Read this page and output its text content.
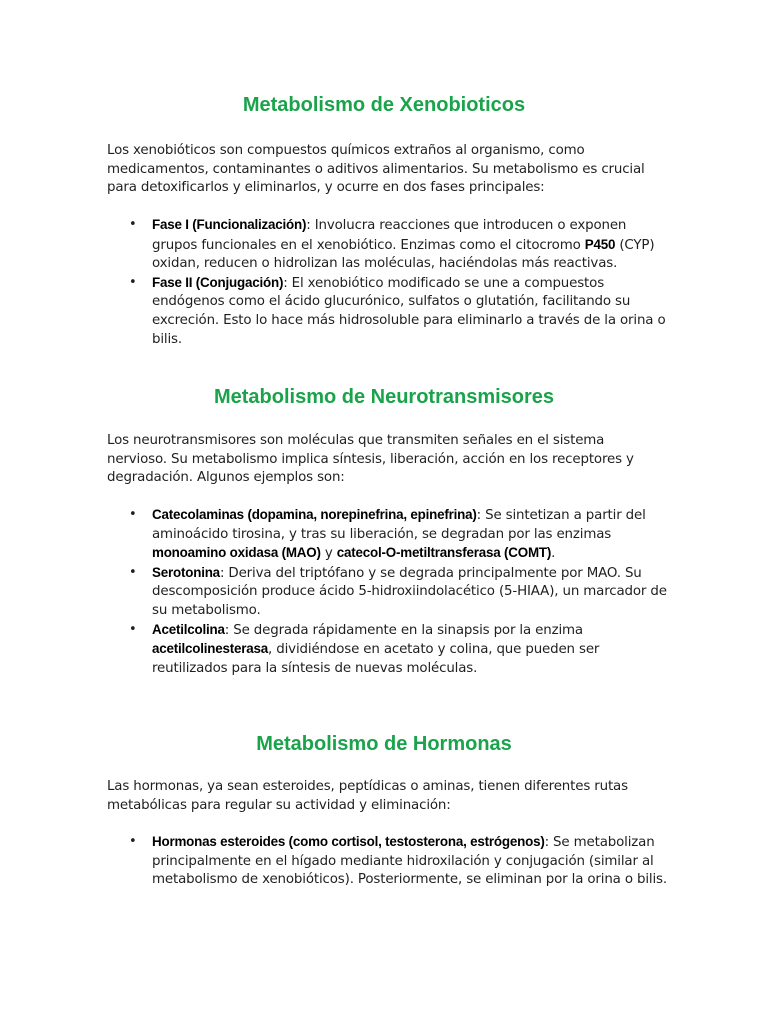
Metabolismo de Xenobioticos

Los xenobióticos son compuestos químicos extraños al organismo, como medicamentos, contaminantes o aditivos alimentarios. Su metabolismo es crucial para detoxificarlos y eliminarlos, y ocurre en dos fases principales:

• Fase I (Funcionalización): Involucra reacciones que introducen o exponen grupos funcionales en el xenobiótico. Enzimas como el citocromo P450 (CYP) oxidan, reducen o hidrolizan las moléculas, haciéndolas más reactivas.
• Fase II (Conjugación): El xenobiótico modificado se une a compuestos endógenos como el ácido glucurónico, sulfatos o glutatión, facilitando su excreción. Esto lo hace más hidrosoluble para eliminarlo a través de la orina o bilis.
Metabolismo de Neurotransmisores

Los neurotransmisores son moléculas que transmiten señales en el sistema nervioso. Su metabolismo implica síntesis, liberación, acción en los receptores y degradación. Algunos ejemplos son:

• Catecolaminas (dopamina, norepinefrina, epinefrina): Se sintetizan a partir del aminoácido tirosina, y tras su liberación, se degradan por las enzimas monoamino oxidasa (MAO) y catecol-O-metiltransferasa (COMT).
• Serotonina: Deriva del triptófano y se degrada principalmente por MAO. Su descomposición produce ácido 5-hidroxiindolacético (5-HIAA), un marcador de su metabolismo.
• Acetilcolina: Se degrada rápidamente en la sinapsis por la enzima acetilcolinesterasa, dividiéndose en acetato y colina, que pueden ser reutilizados para la síntesis de nuevas moléculas.
Metabolismo de Hormonas

Las hormonas, ya sean esteroides, peptídicas o aminas, tienen diferentes rutas metabólicas para regular su actividad y eliminación:

• Hormonas esteroides (como cortisol, testosterona, estrógenos): Se metabolizan principalmente en el hígado mediante hidroxilación y conjugación (similar al metabolismo de xenobióticos). Posteriormente, se eliminan por la orina o bilis.
